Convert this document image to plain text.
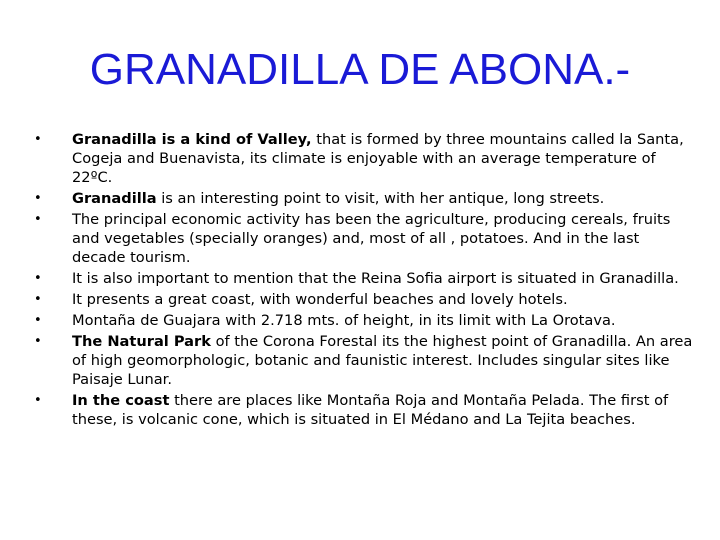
GRANADILLA DE ABONA.-
•	Granadilla is a kind of Valley, that is formed by three mountains called la Santa, Cogeja and Buenavista, its climate is enjoyable with an average temperature of 22ºC.
•	Granadilla is an interesting point to visit, with her antique, long streets.
•	The principal economic activity has been the agriculture, producing cereals, fruits and vegetables (specially oranges) and, most of all , potatoes. And in the last decade tourism.
•	It is also important to mention that the Reina Sofia airport is situated in Granadilla.
•	It presents a great coast, with wonderful beaches and lovely hotels.
•	Montaña de Guajara with 2.718 mts. of height, in its limit with La Orotava.
•	The Natural Park of the Corona Forestal its the highest point of Granadilla. An area of high geomorphologic, botanic and faunistic interest. Includes singular sites like Paisaje Lunar.
•	In the coast there are places like Montaña Roja and Montaña Pelada. The first of these, is volcanic cone, which is situated in El Médano and La Tejita beaches.
